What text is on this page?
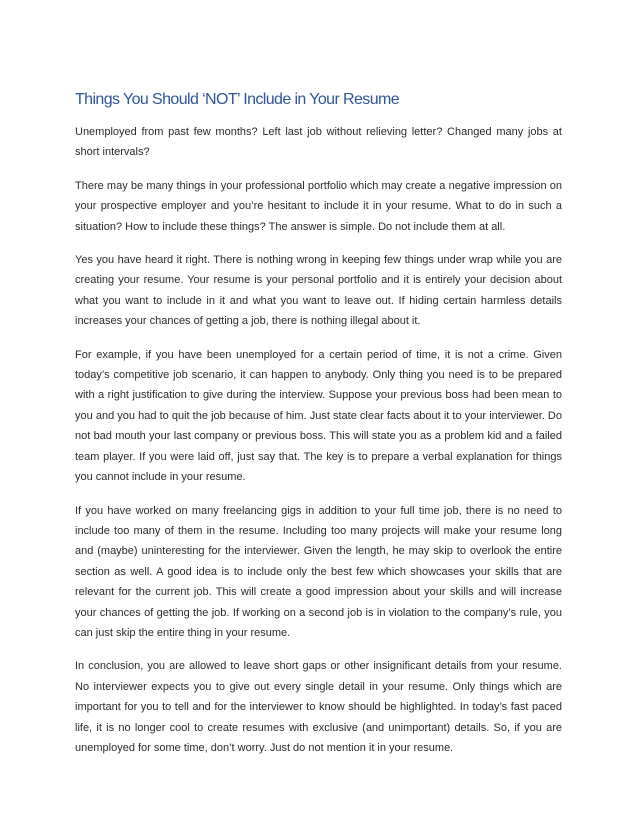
Things You Should ‘NOT’ Include in Your Resume

Unemployed from past few months? Left last job without relieving letter? Changed many jobs at short intervals?

There may be many things in your professional portfolio which may create a negative impression on your prospective employer and you’re hesitant to include it in your resume. What to do in such a situation? How to include these things? The answer is simple. Do not include them at all.

Yes you have heard it right. There is nothing wrong in keeping few things under wrap while you are creating your resume. Your resume is your personal portfolio and it is entirely your decision about what you want to include in it and what you want to leave out. If hiding certain harmless details increases your chances of getting a job, there is nothing illegal about it.

For example, if you have been unemployed for a certain period of time, it is not a crime. Given today’s competitive job scenario, it can happen to anybody. Only thing you need is to be prepared with a right justification to give during the interview. Suppose your previous boss had been mean to you and you had to quit the job because of him. Just state clear facts about it to your interviewer. Do not bad mouth your last company or previous boss. This will state you as a problem kid and a failed team player. If you were laid off, just say that. The key is to prepare a verbal explanation for things you cannot include in your resume.

If you have worked on many freelancing gigs in addition to your full time job, there is no need to include too many of them in the resume. Including too many projects will make your resume long and (maybe) uninteresting for the interviewer. Given the length, he may skip to overlook the entire section as well. A good idea is to include only the best few which showcases your skills that are relevant for the current job. This will create a good impression about your skills and will increase your chances of getting the job. If working on a second job is in violation to the company’s rule, you can just skip the entire thing in your resume.

In conclusion, you are allowed to leave short gaps or other insignificant details from your resume. No interviewer expects you to give out every single detail in your resume. Only things which are important for you to tell and for the interviewer to know should be highlighted. In today’s fast paced life, it is no longer cool to create resumes with exclusive (and unimportant) details. So, if you are unemployed for some time, don’t worry. Just do not mention it in your resume.
